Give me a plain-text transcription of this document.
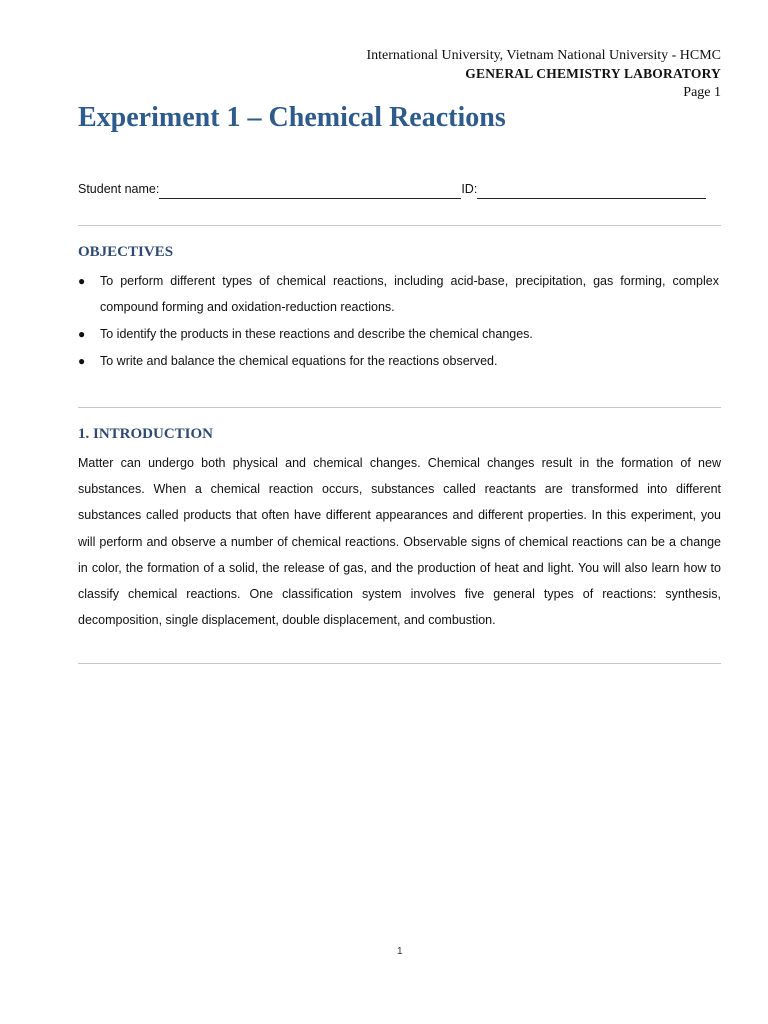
International University, Vietnam National University - HCMC
GENERAL CHEMISTRY LABORATORY
Page 1
Experiment 1 – Chemical Reactions
Student name:	ID:
OBJECTIVES
● To perform different types of chemical reactions, including acid-base, precipitation, gas forming, complex compound forming and oxidation-reduction reactions.
● To identify the products in these reactions and describe the chemical changes.
● To write and balance the chemical equations for the reactions observed.
1. INTRODUCTION

Matter can undergo both physical and chemical changes. Chemical changes result in the formation of new substances. When a chemical reaction occurs, substances called reactants are transformed into different substances called products that often have different appearances and different properties. In this experiment, you will perform and observe a number of chemical reactions. Observable signs of chemical reactions can be a change in color, the formation of a solid, the release of gas, and the production of heat and light. You will also learn how to classify chemical reactions. One classification system involves five general types of reactions: synthesis, decomposition, single displacement, double displacement, and combustion.

1
